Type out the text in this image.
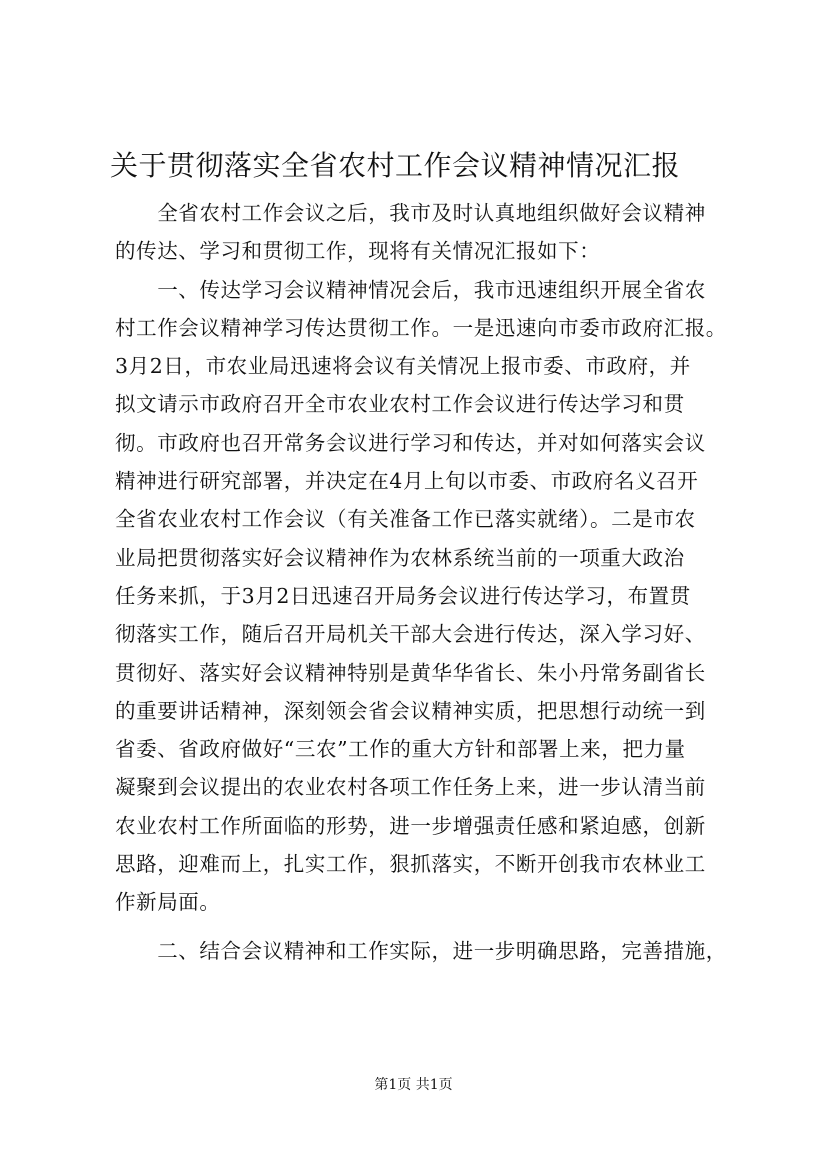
关于贯彻落实全省农村工作会议精神情况汇报
　　全省农村工作会议之后，我市及时认真地组织做好会议精神
的传达、学习和贯彻工作，现将有关情况汇报如下：
　　一、传达学习会议精神情况会后，我市迅速组织开展全省农
村工作会议精神学习传达贯彻工作。一是迅速向市委市政府汇报。
3月2日，市农业局迅速将会议有关情况上报市委、市政府，并
拟文请示市政府召开全市农业农村工作会议进行传达学习和贯
彻。市政府也召开常务会议进行学习和传达，并对如何落实会议
精神进行研究部署，并决定在4月上旬以市委、市政府名义召开
全省农业农村工作会议（有关准备工作已落实就绪）。二是市农
业局把贯彻落实好会议精神作为农林系统当前的一项重大政治
任务来抓，于3月2日迅速召开局务会议进行传达学习，布置贯
彻落实工作，随后召开局机关干部大会进行传达，深入学习好、
贯彻好、落实好会议精神特别是黄华华省长、朱小丹常务副省长
的重要讲话精神，深刻领会省会议精神实质，把思想行动统一到
省委、省政府做好“三农”工作的重大方针和部署上来，把力量
凝聚到会议提出的农业农村各项工作任务上来，进一步认清当前
农业农村工作所面临的形势，进一步增强责任感和紧迫感，创新
思路，迎难而上，扎实工作，狠抓落实，不断开创我市农林业工
作新局面。
　　二、结合会议精神和工作实际，进一步明确思路，完善措施，
第1页 共1页
